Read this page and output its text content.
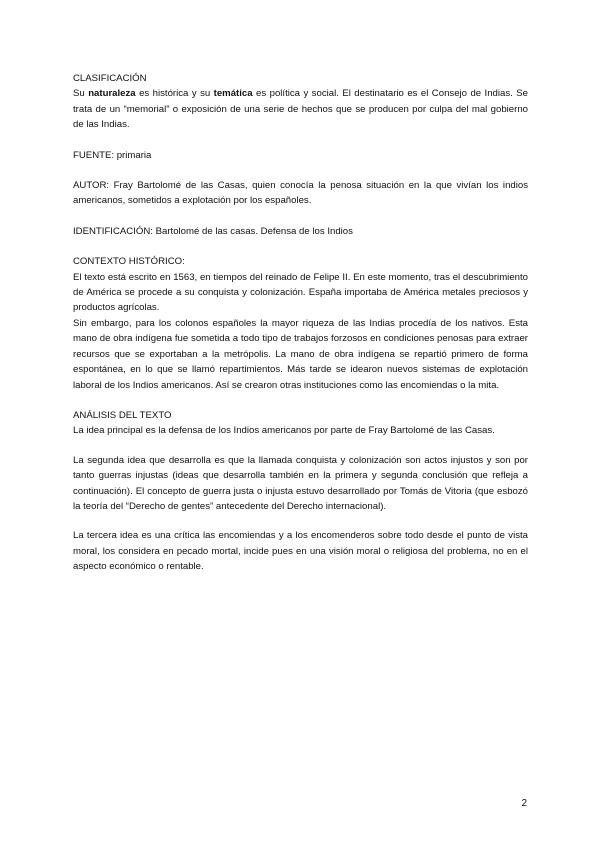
CLASIFICACIÓN

Su naturaleza es histórica y su temática es política y social. El destinatario es el Consejo de Indias. Se trata de un “memorial” o exposición de una serie de hechos que se producen por culpa del mal gobierno de las Indias.

FUENTE: primaria

AUTOR: Fray Bartolomé de las Casas, quien conocía la penosa situación en la que vivían los indios americanos, sometidos a explotación por los españoles.

IDENTIFICACIÓN: Bartolomé de las casas. Defensa de los Indios

CONTEXTO HISTÓRICO:

El texto está escrito en 1563, en tiempos del reinado de Felipe II. En este momento, tras el descubrimiento de América se procede a su conquista y colonización. España importaba de América metales preciosos y productos agrícolas.

Sin embargo, para los colonos españoles la mayor riqueza de las Indias procedía de los nativos. Esta mano de obra indígena fue sometida a todo tipo de trabajos forzosos en condiciones penosas para extraer recursos que se exportaban a la metrópolis. La mano de obra indígena se repartió primero de forma espontánea, en lo que se llamó repartimientos. Más tarde se idearon nuevos sistemas de explotación laboral de los Indios americanos. Así se crearon otras instituciones como las encomiendas o la mita.

ANÁLISIS DEL TEXTO

La idea principal es la defensa de los Indios americanos por parte de Fray Bartolomé de las Casas.

La segunda idea que desarrolla es que la llamada conquista y colonización son actos injustos y son por tanto guerras injustas (ideas que desarrolla también en la primera y segunda conclusión que refleja a continuación). El concepto de guerra justa o injusta estuvo desarrollado por Tomás de Vitoria (que esbozó la teoría del “Derecho de gentes” antecedente del Derecho internacional).

La tercera idea es una crítica las encomiendas y a los encomenderos sobre todo desde el punto de vista moral, los considera en pecado mortal, incide pues en una visión moral o religiosa del problema, no en el aspecto económico o rentable.

2
